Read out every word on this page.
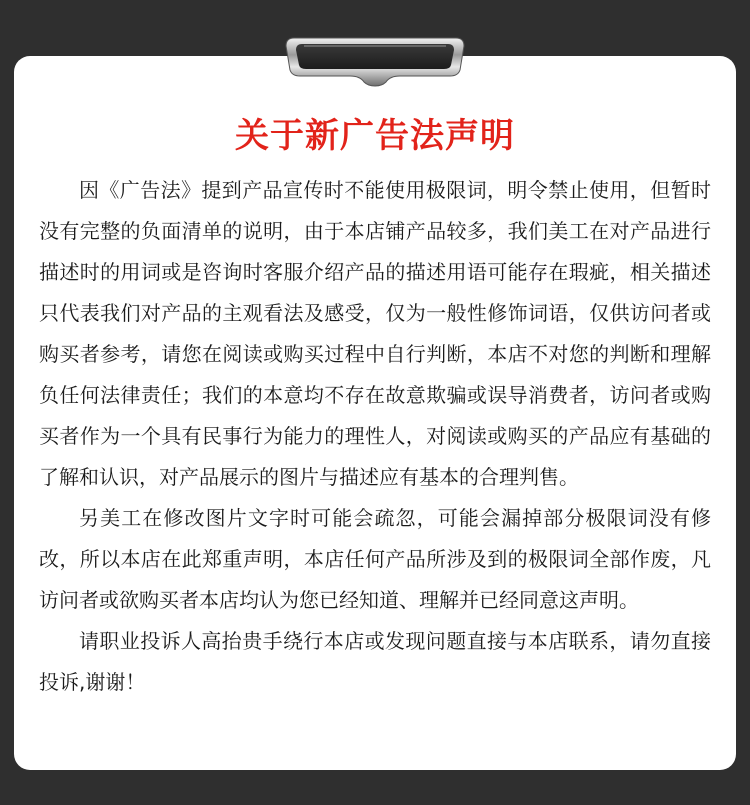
关于新广告法声明

因《广告法》提到产品宣传时不能使用极限词，明令禁止使用，但暂时没有完整的负面清单的说明，由于本店铺产品较多，我们美工在对产品进行描述时的用词或是咨询时客服介绍产品的描述用语可能存在瑕疵，相关描述只代表我们对产品的主观看法及感受，仅为一般性修饰词语，仅供访问者或购买者参考，请您在阅读或购买过程中自行判断，本店不对您的判断和理解负任何法律责任；我们的本意均不存在故意欺骗或误导消费者，访问者或购买者作为一个具有民事行为能力的理性人，对阅读或购买的产品应有基础的了解和认识，对产品展示的图片与描述应有基本的合理判售。

另美工在修改图片文字时可能会疏忽，可能会漏掉部分极限词没有修改，所以本店在此郑重声明，本店任何产品所涉及到的极限词全部作废，凡访问者或欲购买者本店均认为您已经知道、理解并已经同意这声明。

请职业投诉人高抬贵手绕行本店或发现问题直接与本店联系，请勿直接投诉,谢谢！
